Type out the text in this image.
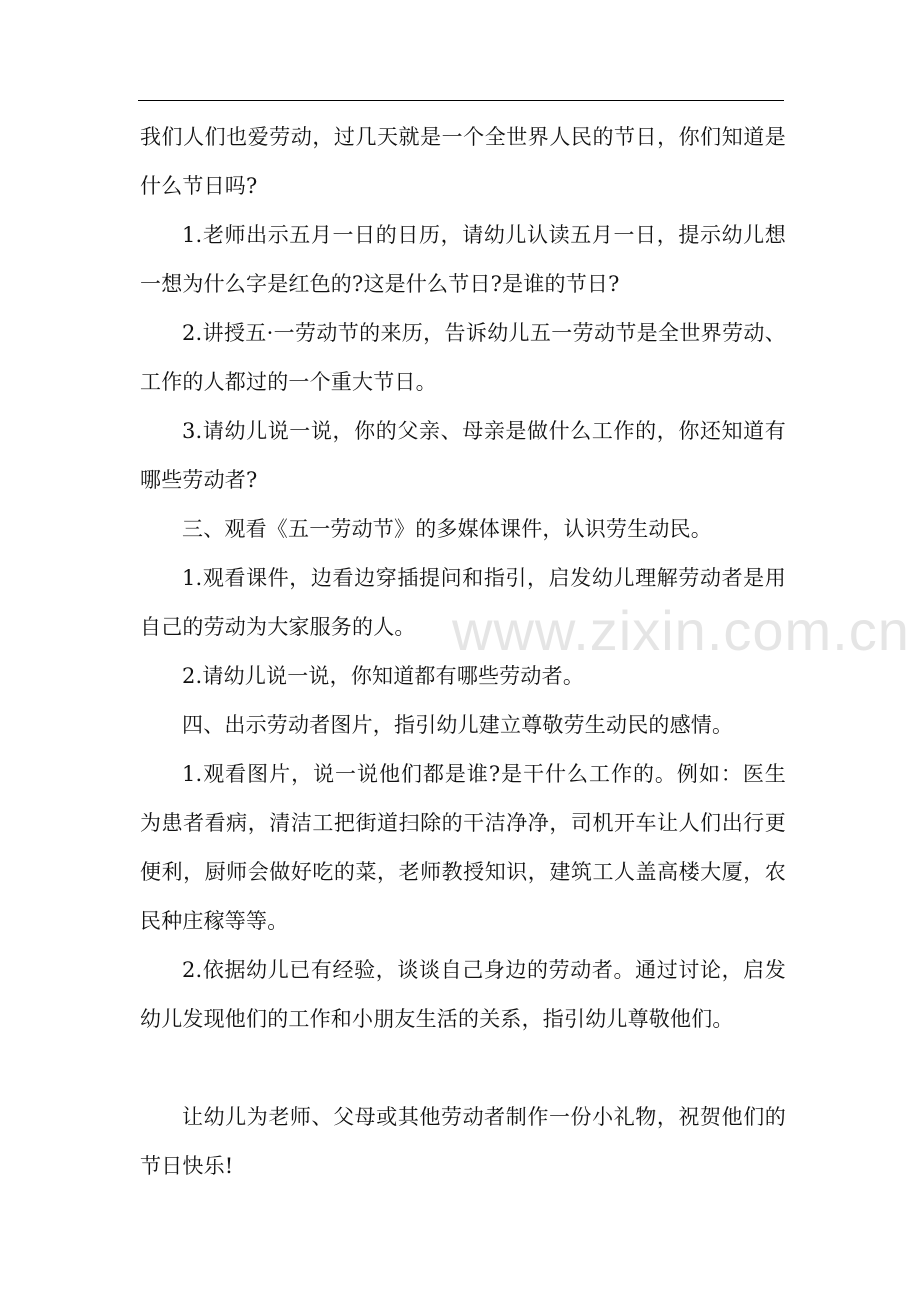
我们人们也爱劳动，过几天就是一个全世界人民的节日，你们知道是什么节日吗?

1.老师出示五月一日的日历，请幼儿认读五月一日，提示幼儿想一想为什么字是红色的?这是什么节日?是谁的节日?

2.讲授五·一劳动节的来历，告诉幼儿五一劳动节是全世界劳动、工作的人都过的一个重大节日。

3.请幼儿说一说，你的父亲、母亲是做什么工作的，你还知道有哪些劳动者?

三、观看《五一劳动节》的多媒体课件，认识劳生动民。

1.观看课件，边看边穿插提问和指引，启发幼儿理解劳动者是用自己的劳动为大家服务的人。

2.请幼儿说一说，你知道都有哪些劳动者。

四、出示劳动者图片，指引幼儿建立尊敬劳生动民的感情。

1.观看图片，说一说他们都是谁?是干什么工作的。例如：医生为患者看病，清洁工把街道扫除的干洁净净，司机开车让人们出行更便利，厨师会做好吃的菜，老师教授知识，建筑工人盖高楼大厦，农民种庄稼等等。

2.依据幼儿已有经验，谈谈自己身边的劳动者。通过讨论，启发幼儿发现他们的工作和小朋友生活的关系，指引幼儿尊敬他们。

让幼儿为老师、父母或其他劳动者制作一份小礼物，祝贺他们的节日快乐!

www.zixin.com.cn
